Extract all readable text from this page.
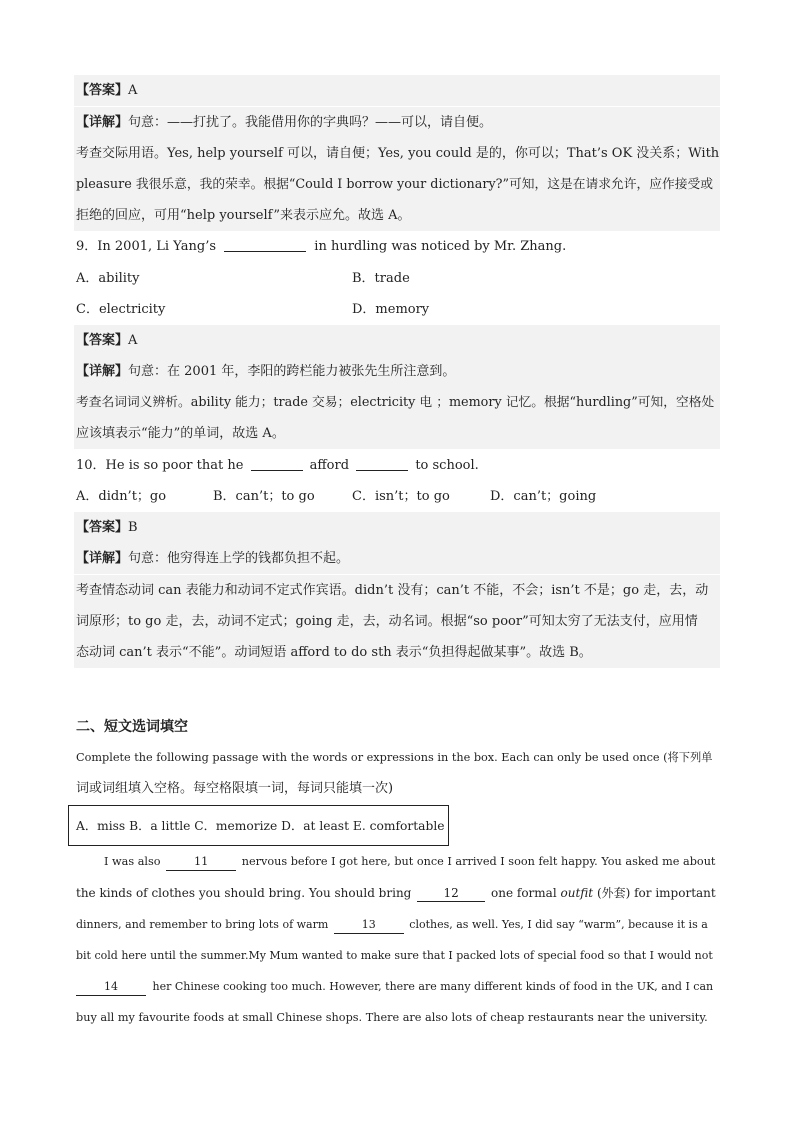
【答案】A
【详解】句意：——打扰了。我能借用你的字典吗？——可以，请自便。
考查交际用语。Yes, help yourself 可以，请自便；Yes, you could 是的，你可以；That’s OK 没关系；With
pleasure 我很乐意，我的荣幸。根据“Could I borrow your dictionary?”可知，这是在请求允许，应作接受或
拒绝的回应，可用“help yourself”来表示应允。故选 A。
9．In 2001, Li Yang’s	in hurdling was noticed by Mr. Zhang.
A．ability	B．trade
C．electricity	D．memory
【答案】A
【详解】句意：在 2001 年，李阳的跨栏能力被张先生所注意到。
考查名词词义辨析。ability 能力；trade 交易；electricity 电 ；memory 记忆。根据“hurdling”可知，空格处
应该填表示“能力”的单词，故选 A。
10．He is so poor that he	afford	to school.
A．didn’t；go	B．can’t；to go	C．isn’t；to go	D．can’t；going
【答案】B
【详解】句意：他穷得连上学的钱都负担不起。
考查情态动词 can 表能力和动词不定式作宾语。didn’t 没有；can’t 不能，不会；isn’t 不是；go 走，去，动
词原形；to go 走，去，动词不定式；going 走，去，动名词。根据“so poor”可知太穷了无法支付，应用情
态动词 can’t 表示“不能”。动词短语 afford to do sth 表示“负担得起做某事”。故选 B。
二、短文选词填空
Complete the following passage with the words or expressions in the box. Each can only be used once (将下列单
词或词组填入空格。每空格限填一词，每词只能填一次)
A．miss B．a little C．memorize D．at least E. comfortable
I was also	11	nervous before I got here, but once I arrived I soon felt happy. You asked me about
the kinds of clothes you should bring. You should bring	12	one formal outfit (外套) for important
dinners, and remember to bring lots of warm	13	clothes, as well. Yes, I did say “warm”, because it is a
bit cold here until the summer.My Mum wanted to make sure that I packed lots of special food so that I would not
14	her Chinese cooking too much. However, there are many different kinds of food in the UK, and I can
buy all my favourite foods at small Chinese shops. There are also lots of cheap restaurants near the university.
